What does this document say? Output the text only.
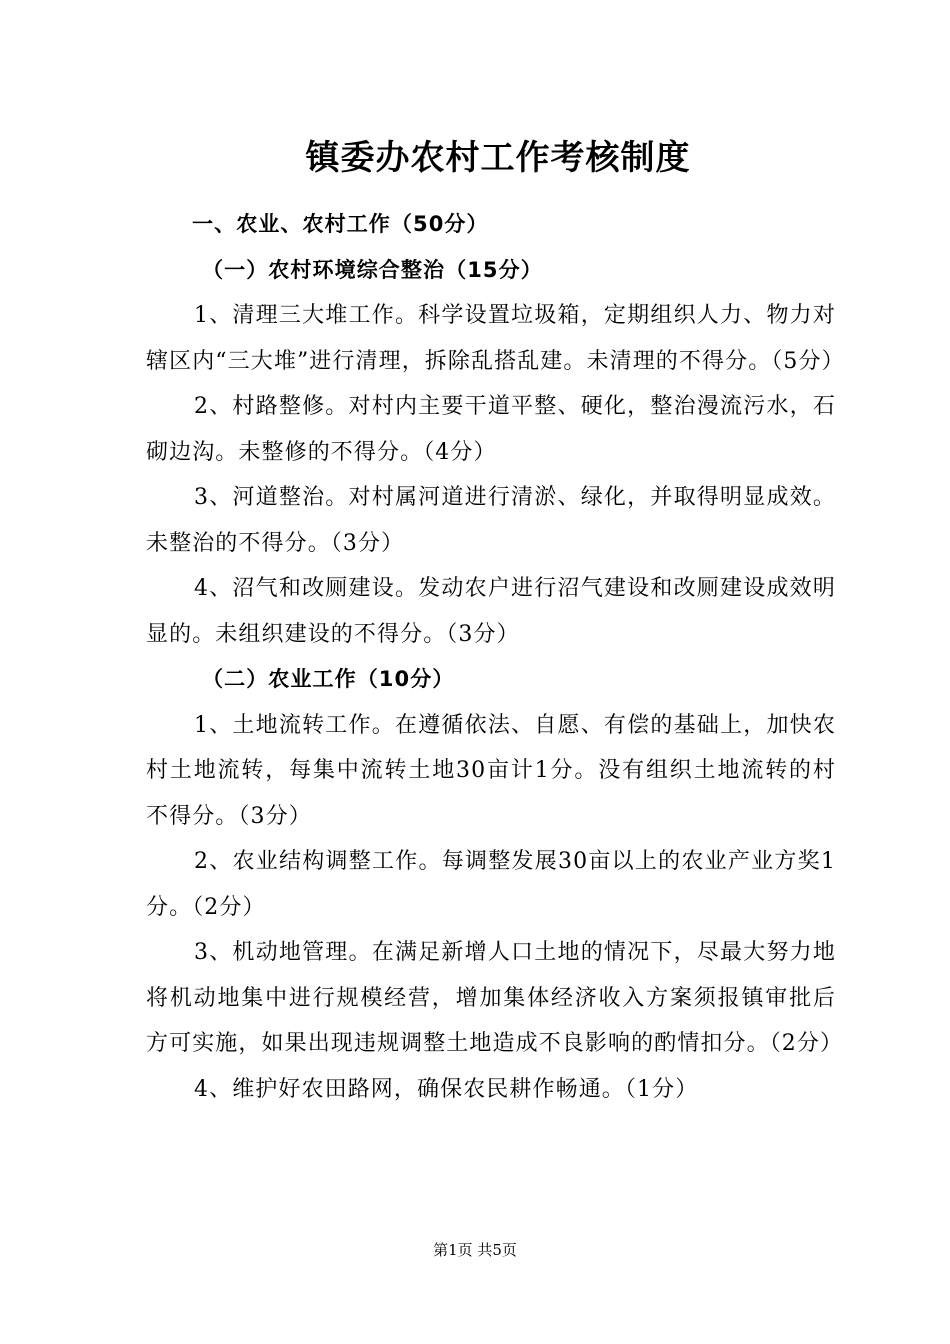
镇委办农村工作考核制度

一、农业、农村工作（50分）

（一）农村环境综合整治（15分）

1、清理三大堆工作。科学设置垃圾箱，定期组织人力、物力对辖区内“三大堆”进行清理，拆除乱搭乱建。未清理的不得分。（5分）

2、村路整修。对村内主要干道平整、硬化，整治漫流污水，石砌边沟。未整修的不得分。（4分）

3、河道整治。对村属河道进行清淤、绿化，并取得明显成效。未整治的不得分。（3分）

4、沼气和改厕建设。发动农户进行沼气建设和改厕建设成效明显的。未组织建设的不得分。（3分）

（二）农业工作（10分）

1、土地流转工作。在遵循依法、自愿、有偿的基础上，加快农村土地流转，每集中流转土地30亩计1分。没有组织土地流转的村不得分。（3分）

2、农业结构调整工作。每调整发展30亩以上的农业产业方奖1分。（2分）

3、机动地管理。在满足新增人口土地的情况下，尽最大努力地将机动地集中进行规模经营，增加集体经济收入方案须报镇审批后方可实施，如果出现违规调整土地造成不良影响的酌情扣分。（2分）

4、维护好农田路网，确保农民耕作畅通。（1分）

第1页 共5页
